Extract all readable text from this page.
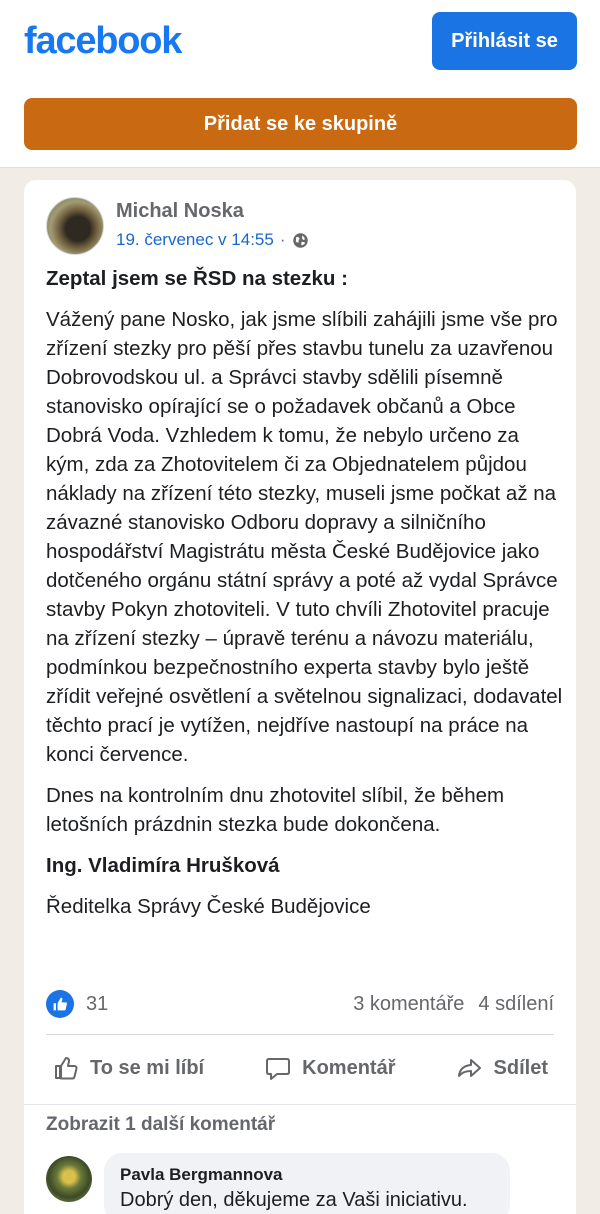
facebook	Přihlásit se
Přidat se ke skupině
Michal Noska
19. červenec v 14:55 ·

Zeptal jsem se ŘSD na stezku :

Vážený pane Nosko, jak jsme slíbili zahájili jsme vše pro zřízení stezky pro pěší přes stavbu tunelu za uzavřenou Dobrovodskou ul. a Správci stavby sdělili písemně stanovisko opírající se o požadavek občanů a Obce Dobrá Voda. Vzhledem k tomu, že nebylo určeno za kým, zda za Zhotovitelem či za Objednatelem půjdou náklady na zřízení této stezky, museli jsme počkat až na závazné stanovisko Odboru dopravy a silničního hospodářství Magistrátu města České Budějovice jako dotčeného orgánu státní správy a poté až vydal Správce stavby Pokyn zhotoviteli. V tuto chvíli Zhotovitel pracuje na zřízení stezky – úpravě terénu a návozu materiálu, podmínkou bezpečnostního experta stavby bylo ještě zřídit veřejné osvětlení a světelnou signalizaci, dodavatel těchto prací je vytížen, nejdříve nastoupí na práce na konci července.

Dnes na kontrolním dnu zhotovitel slíbil, že během letošních prázdnin stezka bude dokončena.

Ing. Vladimíra Hrušková

Ředitelka Správy České Budějovice

31	3 komentáře 4 sdílení
To se mi líbí	Komentář	Sdílet
Zobrazit 1 další komentář
Pavla Bergmannova
Dobrý den, děkujeme za Vaši iniciativu.
